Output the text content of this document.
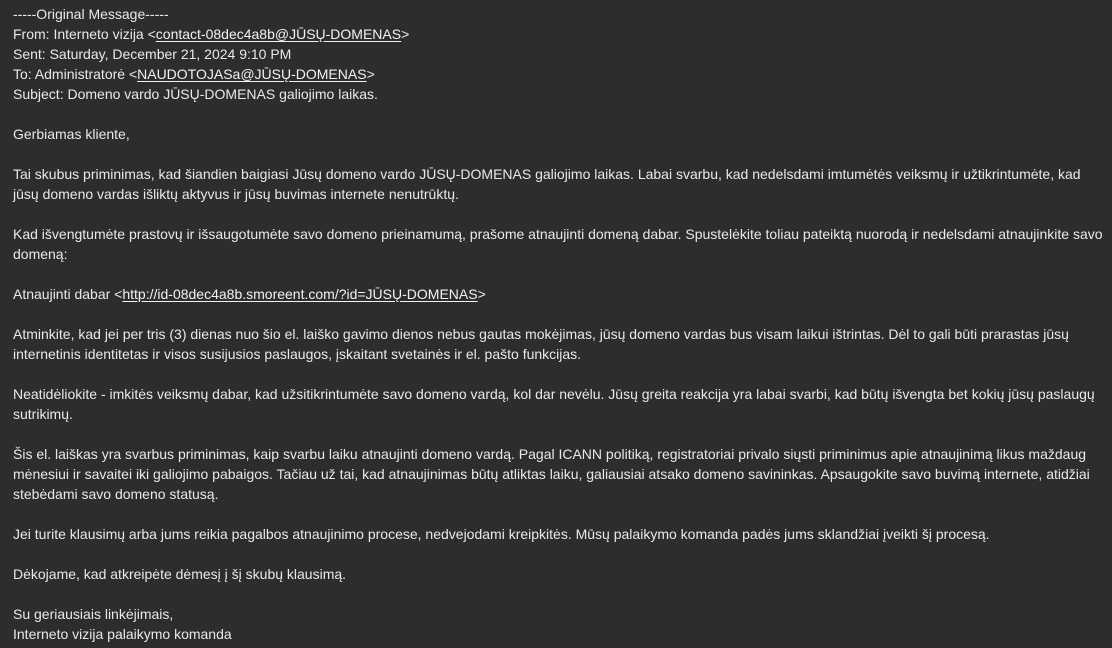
-----Original Message-----
From: Interneto vizija <contact-08dec4a8b@JŪSŲ-DOMENAS>
Sent: Saturday, December 21, 2024 9:10 PM
To: Administratorė <NAUDOTOJASa@JŪSŲ-DOMENAS>
Subject: Domeno vardo JŪSŲ-DOMENAS galiojimo laikas.
Gerbiamas kliente,
Tai skubus priminimas, kad šiandien baigiasi Jūsų domeno vardo JŪSŲ-DOMENAS galiojimo laikas. Labai svarbu, kad nedelsdami imtumėtės veiksmų ir užtikrintumėte, kad jūsų domeno vardas išliktų aktyvus ir jūsų buvimas internete nenutrūktų.
Kad išvengtumėte prastovų ir išsaugotumėte savo domeno prieinamumą, prašome atnaujinti domeną dabar. Spustelėkite toliau pateiktą nuorodą ir nedelsdami atnaujinkite savo domeną:
Atnaujinti dabar <http://id-08dec4a8b.smoreent.com/?id=JŪSŲ-DOMENAS>
Atminkite, kad jei per tris (3) dienas nuo šio el. laiško gavimo dienos nebus gautas mokėjimas, jūsų domeno vardas bus visam laikui ištrintas. Dėl to gali būti prarastas jūsų internetinis identitetas ir visos susijusios paslaugos, įskaitant svetainės ir el. pašto funkcijas.
Neatidėliokite - imkitės veiksmų dabar, kad užsitikrintumėte savo domeno vardą, kol dar nevėlu. Jūsų greita reakcija yra labai svarbi, kad būtų išvengta bet kokių jūsų paslaugų sutrikimų.
Šis el. laiškas yra svarbus priminimas, kaip svarbu laiku atnaujinti domeno vardą. Pagal ICANN politiką, registratoriai privalo siųsti priminimus apie atnaujinimą likus maždaug mėnesiui ir savaitei iki galiojimo pabaigos. Tačiau už tai, kad atnaujinimas būtų atliktas laiku, galiausiai atsako domeno savininkas. Apsaugokite savo buvimą internete, atidžiai stebėdami savo domeno statusą.
Jei turite klausimų arba jums reikia pagalbos atnaujinimo procese, nedvejodami kreipkitės. Mūsų palaikymo komanda padės jums sklandžiai įveikti šį procesą.
Dėkojame, kad atkreipėte dėmesį į šį skubų klausimą.
Su geriausiais linkėjimais,
Interneto vizija palaikymo komanda
